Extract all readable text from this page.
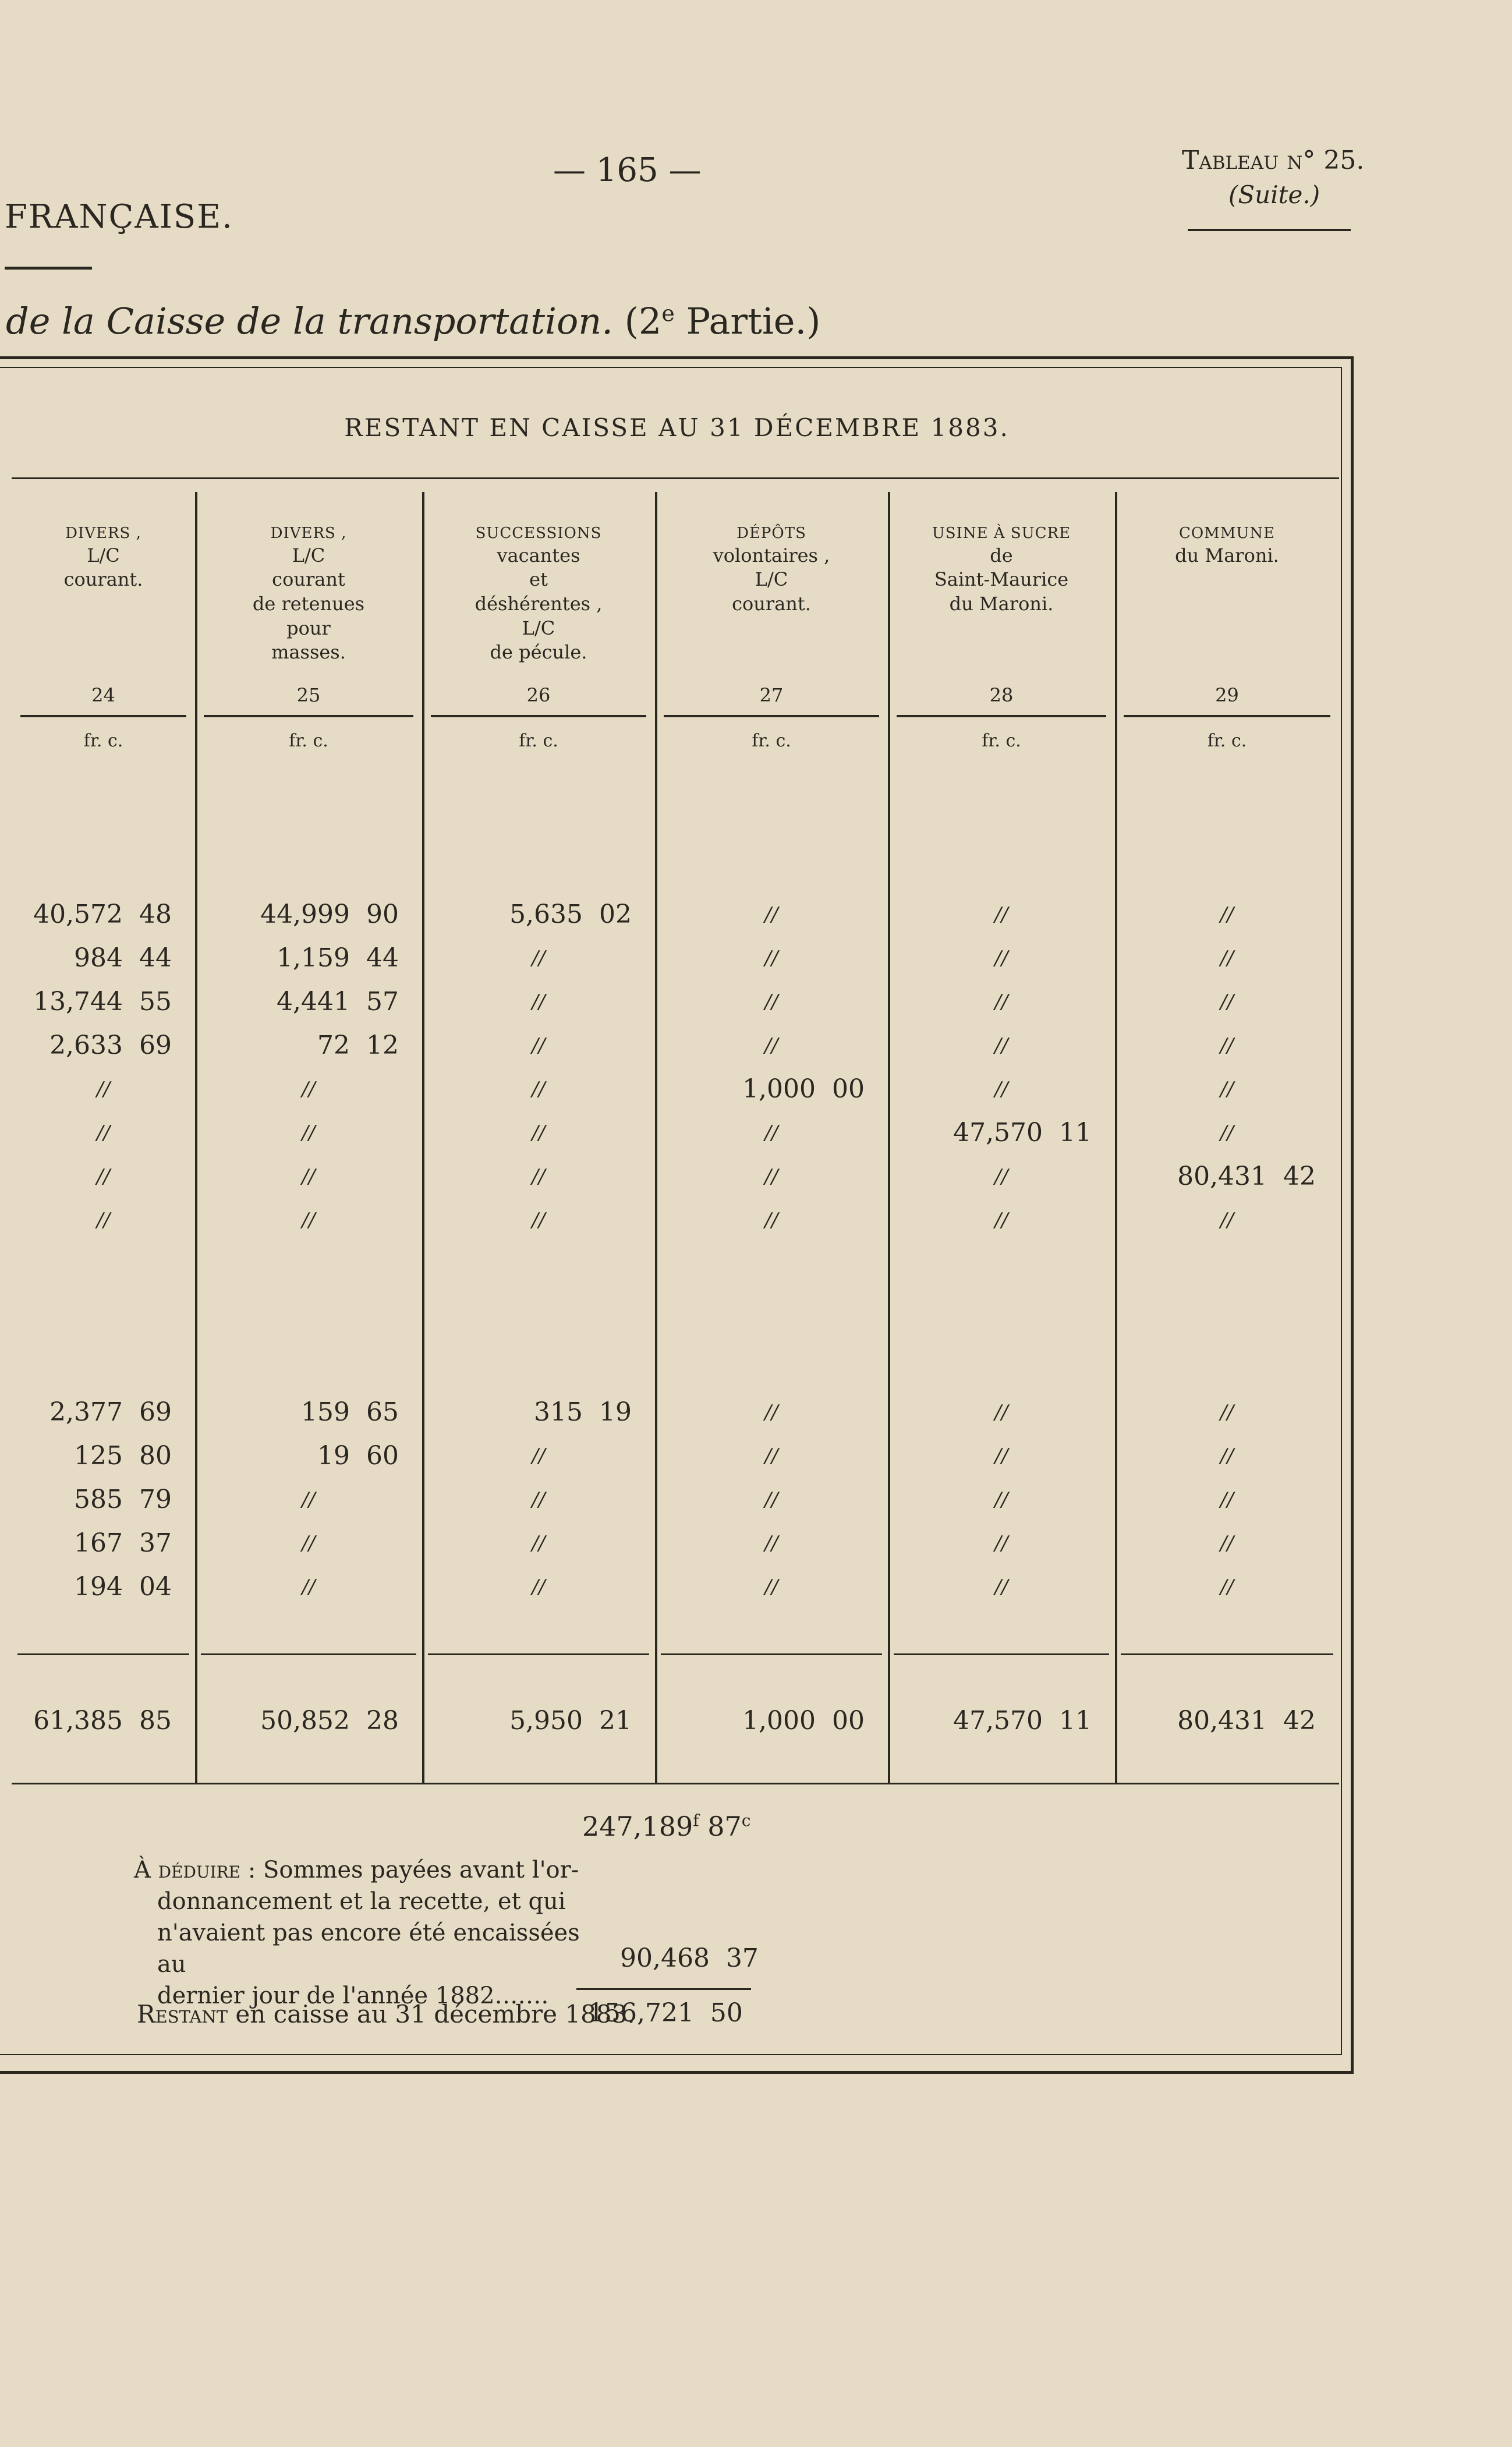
FRANÇAISE.
— 165 —	Tableau n° 25.
(Suite.)
de la Caisse de la transportation. (2e Partie.)
RESTANT EN CAISSE AU 31 DÉCEMBRE 1883.
DIVERS ,
L/C
courant.
24
fr. c.
DIVERS ,
L/C
courant
de retenues
pour
masses.
25
fr. c.
SUCCESSIONS
vacantes
et
déshérentes ,
L/C
de pécule.
26
fr. c.
DÉPÔTS
volontaires ,
L/C
courant.
27
fr. c.
USINE À SUCRE
de
Saint-Maurice
du Maroni.
28
fr. c.
COMMUNE
du Maroni.
29
fr. c.
40,572  48	44,999  90	5,635  02	//	//	//
984  44	1,159  44	//	//	//	//
13,744  55	4,441  57	//	//	//	//
2,633  69	72  12	//	//	//	//
//	//	//	1,000  00	//	//
//	//	//	//	47,570  11	//
//	//	//	//	//	80,431  42
//	//	//	//	//	//
2,377  69	159  65	315  19	//	//	//
125  80	19  60	//	//	//	//
585  79	//	//	//	//	//
167  37	//	//	//	//	//
194  04	//	//	//	//	//
61,385  85	50,852  28	5,950  21	1,000  00	47,570  11	80,431  42
247,189$^f$ 87$^c$
À déduire : Sommes payées avant l'or-
donnancement et la recette, et qui
n'avaient pas encore été encaissées au
dernier jour de l'année 1882…….
90,468  37
Restant en caisse au 31 décembre 1883.
156,721  50
